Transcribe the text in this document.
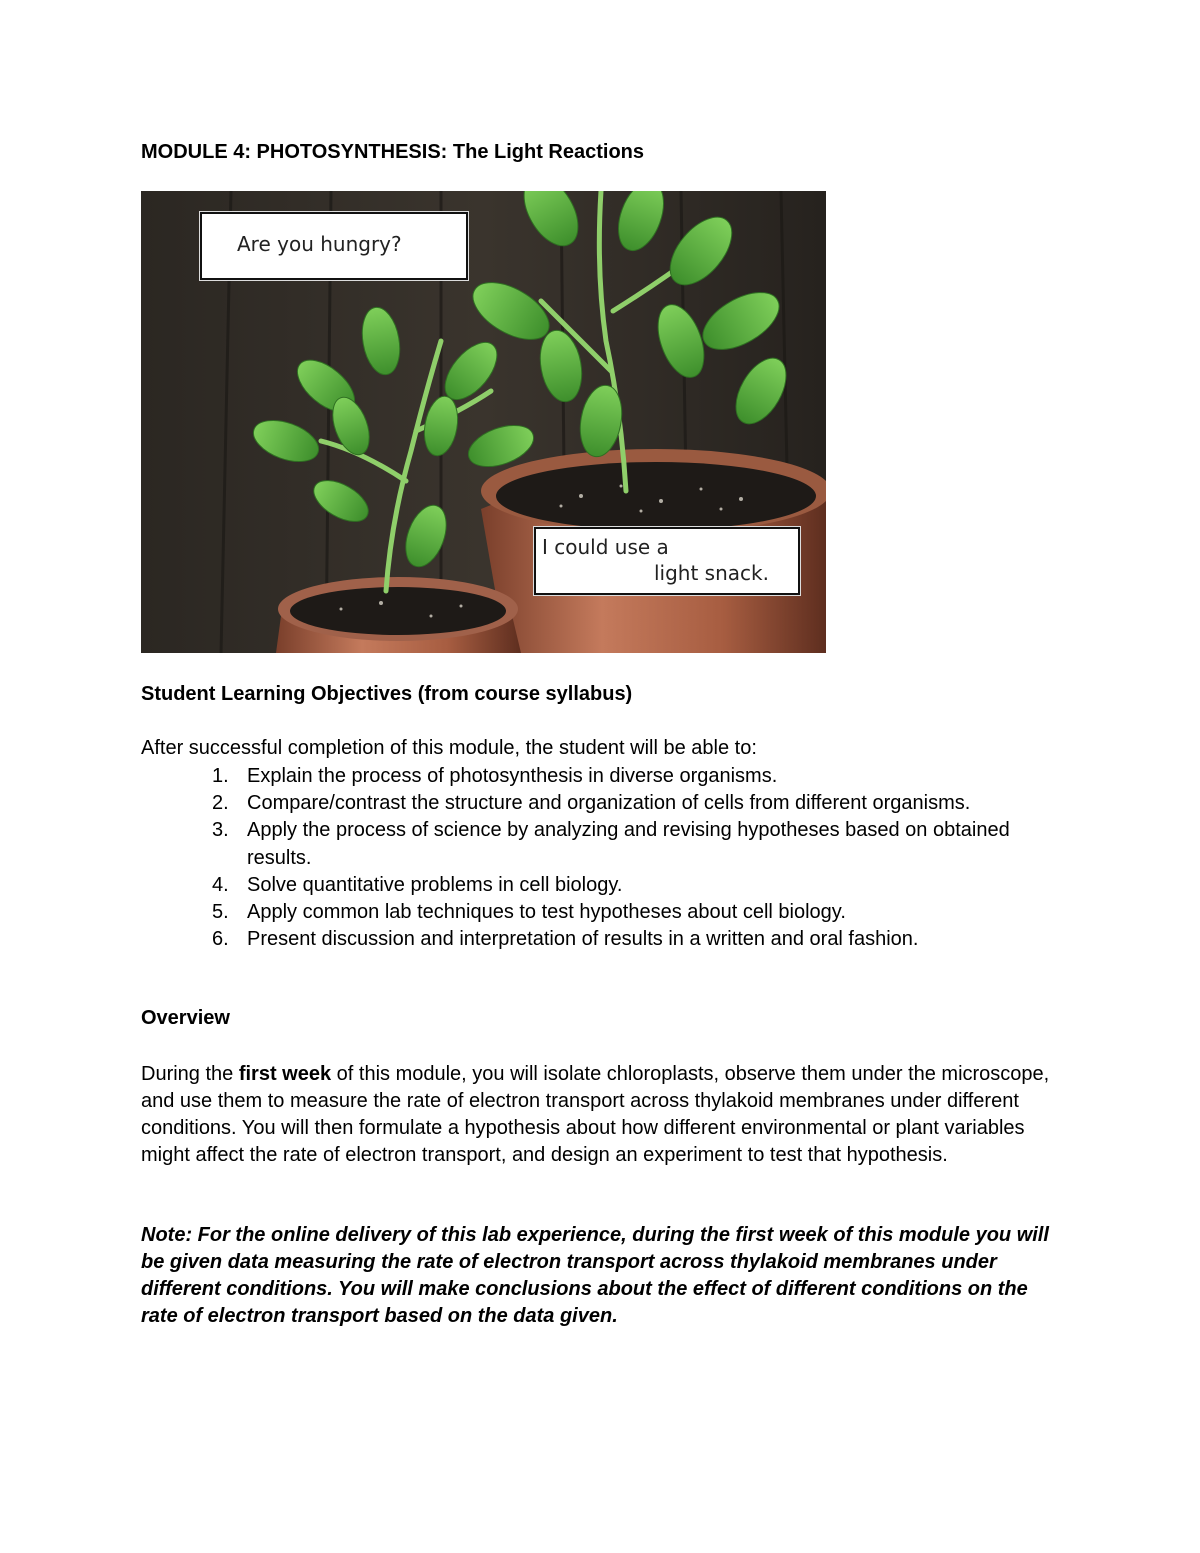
MODULE 4: PHOTOSYNTHESIS: The Light Reactions
Are you hungry?
I could use a
light snack.
Student Learning Objectives (from course syllabus)
After successful completion of this module, the student will be able to:
1. Explain the process of photosynthesis in diverse organisms.
2. Compare/contrast the structure and organization of cells from different organisms.
3. Apply the process of science by analyzing and revising hypotheses based on obtained results.
4. Solve quantitative problems in cell biology.
5. Apply common lab techniques to test hypotheses about cell biology.
6. Present discussion and interpretation of results in a written and oral fashion.
Overview

During the first week of this module, you will isolate chloroplasts, observe them under the microscope, and use them to measure the rate of electron transport across thylakoid membranes under different conditions. You will then formulate a hypothesis about how different environmental or plant variables might affect the rate of electron transport, and design an experiment to test that hypothesis.

Note: For the online delivery of this lab experience, during the first week of this module you will be given data measuring the rate of electron transport across thylakoid membranes under different conditions. You will make conclusions about the effect of different conditions on the rate of electron transport based on the data given.
